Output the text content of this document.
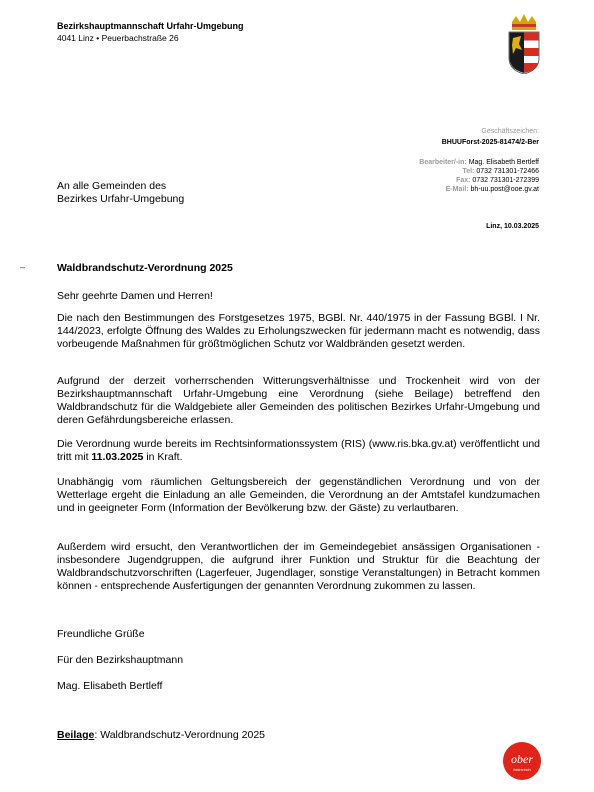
Bezirkshauptmannschaft Urfahr-Umgebung
4041 Linz • Peuerbachstraße 26
Geschäftszeichen:
BHUUForst-2025-81474/2-Ber
Bearbeiter/-in: Mag. Elisabeth Bertleff
Tel: 0732 731301-72466
Fax: 0732 731301-272399
E-Mail: bh-uu.post@ooe.gv.at
Linz, 10.03.2025
An alle Gemeinden des
Bezirkes Urfahr-Umgebung
–	Waldbrandschutz-Verordnung 2025
Sehr geehrte Damen und Herren!
Die nach den Bestimmungen des Forstgesetzes 1975, BGBl. Nr. 440/1975 in der Fassung BGBl. I Nr. 144/2023, erfolgte Öffnung des Waldes zu Erholungszwecken für jedermann macht es notwendig, dass vorbeugende Maßnahmen für größtmöglichen Schutz vor Waldbränden gesetzt werden.
Aufgrund der derzeit vorherrschenden Witterungsverhältnisse und Trockenheit wird von der Bezirkshauptmannschaft Urfahr-Umgebung eine Verordnung (siehe Beilage) betreffend den Waldbrandschutz für die Waldgebiete aller Gemeinden des politischen Bezirkes Urfahr-Umgebung und deren Gefährdungsbereiche erlassen.
Die Verordnung wurde bereits im Rechtsinformationssystem (RIS) (www.ris.bka.gv.at) veröffentlicht und tritt mit 11.03.2025 in Kraft.
Unabhängig vom räumlichen Geltungsbereich der gegenständlichen Verordnung und von der Wetterlage ergeht die Einladung an alle Gemeinden, die Verordnung an der Amtstafel kundzumachen und in geeigneter Form (Information der Bevölkerung bzw. der Gäste) zu verlautbaren.
Außerdem wird ersucht, den Verantwortlichen der im Gemeindegebiet ansässigen Organisationen - insbesondere Jugendgruppen, die aufgrund ihrer Funktion und Struktur für die Beachtung der Waldbrandschutzvorschriften (Lagerfeuer, Jugendlager, sonstige Veranstaltungen) in Betracht kommen können - entsprechende Ausfertigungen der genannten Verordnung zukommen zu lassen.
Freundliche Grüße
Für den Bezirkshauptmann
Mag. Elisabeth Bertleff
Beilage: Waldbrandschutz-Verordnung 2025
ober
österreich
